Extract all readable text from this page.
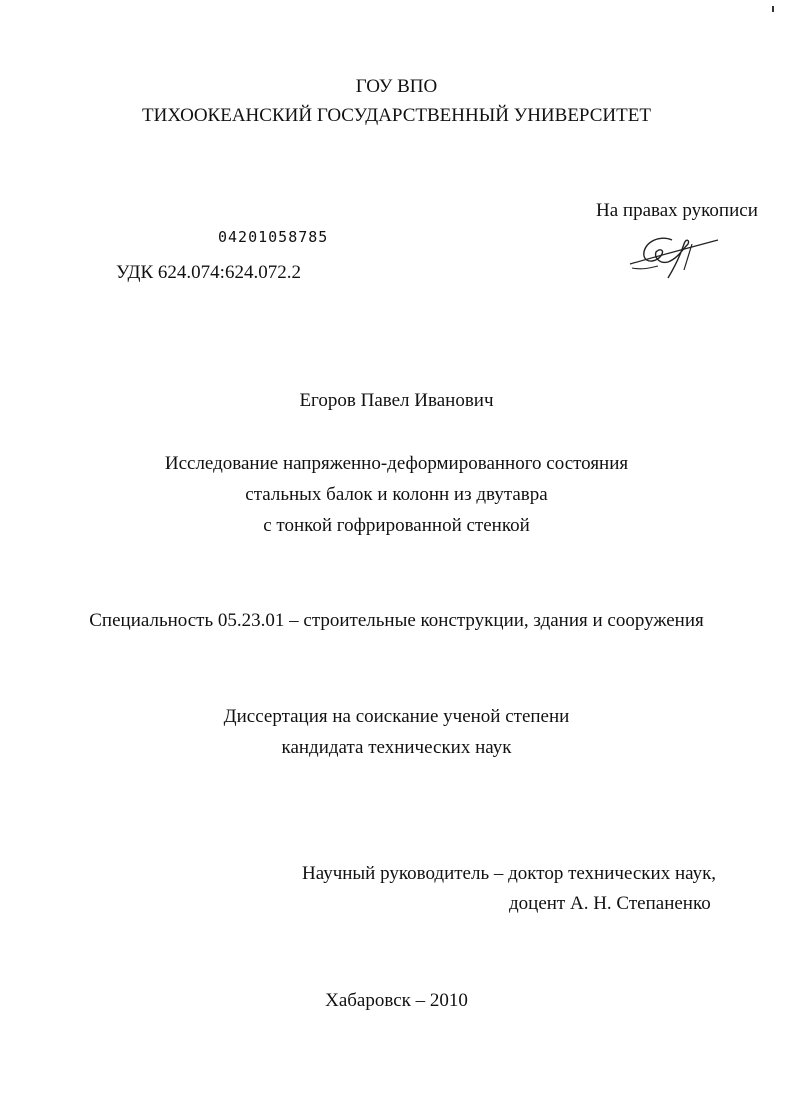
ГОУ ВПО
ТИХООКЕАНСКИЙ ГОСУДАРСТВЕННЫЙ УНИВЕРСИТЕТ
На правах рукописи
04201058785
УДК 624.074:624.072.2
Егоров Павел Иванович
Исследование напряженно-деформированного состояния
стальных балок и колонн из двутавра
с тонкой гофрированной стенкой
Специальность 05.23.01 – строительные конструкции, здания и сооружения
Диссертация на соискание ученой степени
кандидата технических наук
Научный руководитель – доктор технических наук,
доцент А. Н. Степаненко
Хабаровск – 2010
